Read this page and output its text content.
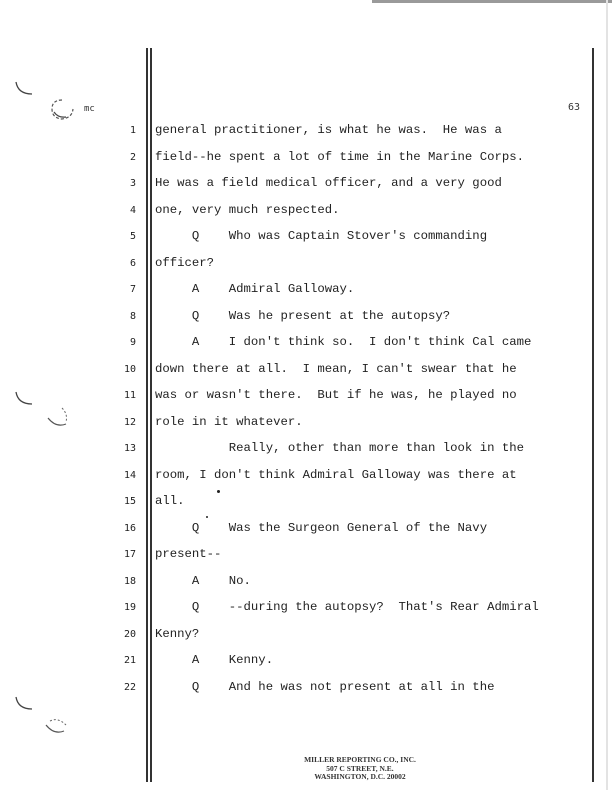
mc	63
1 general practitioner, is what he was.  He was a
2 field--he spent a lot of time in the Marine Corps.
3 He was a field medical officer, and a very good
4 one, very much respected.
5 Q    Who was Captain Stover's commanding
6 officer?
7 A    Admiral Galloway.
8 Q    Was he present at the autopsy?
9 A    I don't think so.  I don't think Cal came
10 down there at all.  I mean, I can't swear that he
11 was or wasn't there.  But if he was, he played no
12 role in it whatever.
13 Really, other than more than look in the
14 room, I don't think Admiral Galloway was there at
15 all.
16 Q    Was the Surgeon General of the Navy
17 present--
18 A    No.
19 Q    --during the autopsy?  That's Rear Admiral
20 Kenny?
21 A    Kenny.
22 Q    And he was not present at all in the
MILLER REPORTING CO., INC.
507 C STREET, N.E.
WASHINGTON, D.C. 20002
